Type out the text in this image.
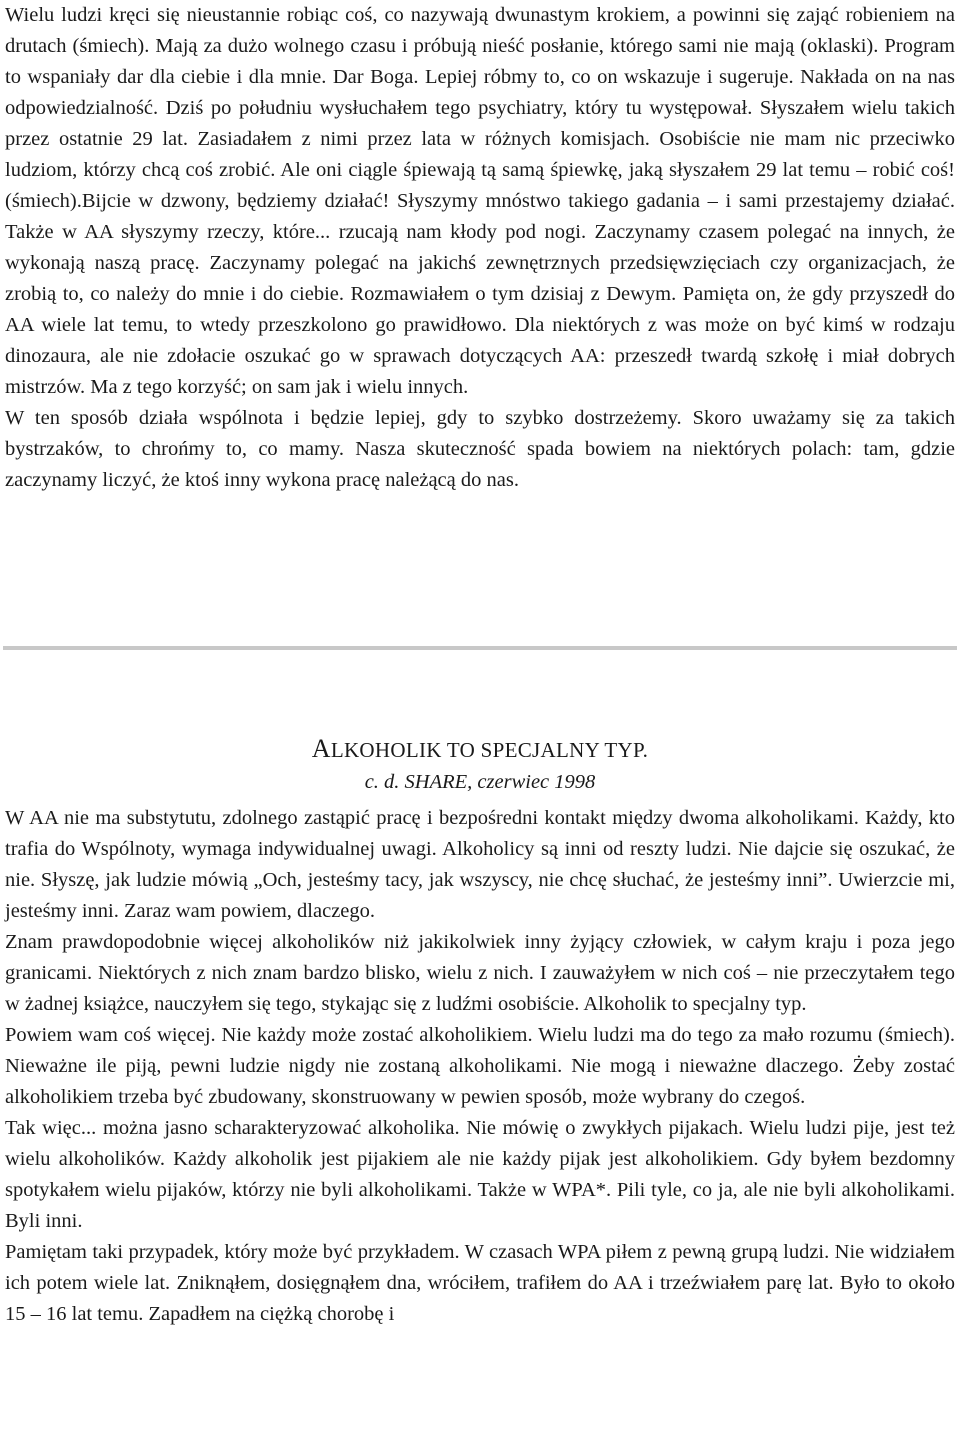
Wielu ludzi kręci się nieustannie robiąc coś, co nazywają dwunastym krokiem, a powinni się zająć robieniem na drutach (śmiech). Mają za dużo wolnego czasu i próbują nieść posłanie, którego sami nie mają (oklaski). Program to wspaniały dar dla ciebie i dla mnie. Dar Boga. Lepiej róbmy to, co on wskazuje i sugeruje. Nakłada on na nas odpowiedzialność. Dziś po południu wysłuchałem tego psychiatry, który tu występował. Słyszałem wielu takich przez ostatnie 29 lat. Zasiadałem z nimi przez lata w różnych komisjach. Osobiście nie mam nic przeciwko ludziom, którzy chcą coś zrobić. Ale oni ciągle śpiewają tą samą śpiewkę, jaką słyszałem 29 lat temu – robić coś! (śmiech).Bijcie w dzwony, będziemy działać! Słyszymy mnóstwo takiego gadania – i sami przestajemy działać. Także w AA słyszymy rzeczy, które... rzucają nam kłody pod nogi. Zaczynamy czasem polegać na innych, że wykonają naszą pracę. Zaczynamy polegać na jakichś zewnętrznych przedsięwzięciach czy organizacjach, że zrobią to, co należy do mnie i do ciebie. Rozmawiałem o tym dzisiaj z Dewym. Pamięta on, że gdy przyszedł do AA wiele lat temu, to wtedy przeszkolono go prawidłowo. Dla niektórych z was może on być kimś w rodzaju dinozaura, ale nie zdołacie oszukać go w sprawach dotyczących AA: przeszedł twardą szkołę i miał dobrych mistrzów. Ma z tego korzyść; on sam jak i wielu innych.

W ten sposób działa wspólnota i będzie lepiej, gdy to szybko dostrzeżemy. Skoro uważamy się za takich bystrzaków, to chrońmy to, co mamy. Nasza skuteczność spada bowiem na niektórych polach: tam, gdzie zaczynamy liczyć, że ktoś inny wykona pracę należącą do nas.

ALKOHOLIK TO SPECJALNY TYP.

c. d. SHARE, czerwiec 1998

W AA nie ma substytutu, zdolnego zastąpić pracę i bezpośredni kontakt między dwoma alkoholikami. Każdy, kto trafia do Wspólnoty, wymaga indywidualnej uwagi. Alkoholicy są inni od reszty ludzi. Nie dajcie się oszukać, że nie. Słyszę, jak ludzie mówią „Och, jesteśmy tacy, jak wszyscy, nie chcę słuchać, że jesteśmy inni”. Uwierzcie mi, jesteśmy inni. Zaraz wam powiem, dlaczego.

Znam prawdopodobnie więcej alkoholików niż jakikolwiek inny żyjący człowiek, w całym kraju i poza jego granicami. Niektórych z nich znam bardzo blisko, wielu z nich. I zauważyłem w nich coś – nie przeczytałem tego w żadnej książce, nauczyłem się tego, stykając się z ludźmi osobiście. Alkoholik to specjalny typ.

Powiem wam coś więcej. Nie każdy może zostać alkoholikiem. Wielu ludzi ma do tego za mało rozumu (śmiech). Nieważne ile piją, pewni ludzie nigdy nie zostaną alkoholikami. Nie mogą i nieważne dlaczego. Żeby zostać alkoholikiem trzeba być zbudowany, skonstruowany w pewien sposób, może wybrany do czegoś.

Tak więc... można jasno scharakteryzować alkoholika. Nie mówię o zwykłych pijakach. Wielu ludzi pije, jest też wielu alkoholików. Każdy alkoholik jest pijakiem ale nie każdy pijak jest alkoholikiem. Gdy byłem bezdomny spotykałem wielu pijaków, którzy nie byli alkoholikami. Także w WPA*. Pili tyle, co ja, ale nie byli alkoholikami. Byli inni.

Pamiętam taki przypadek, który może być przykładem. W czasach WPA piłem z pewną grupą ludzi. Nie widziałem ich potem wiele lat. Zniknąłem, dosięgnąłem dna, wróciłem, trafiłem do AA i trzeźwiałem parę lat. Było to około 15 – 16 lat temu. Zapadłem na ciężką chorobę i
